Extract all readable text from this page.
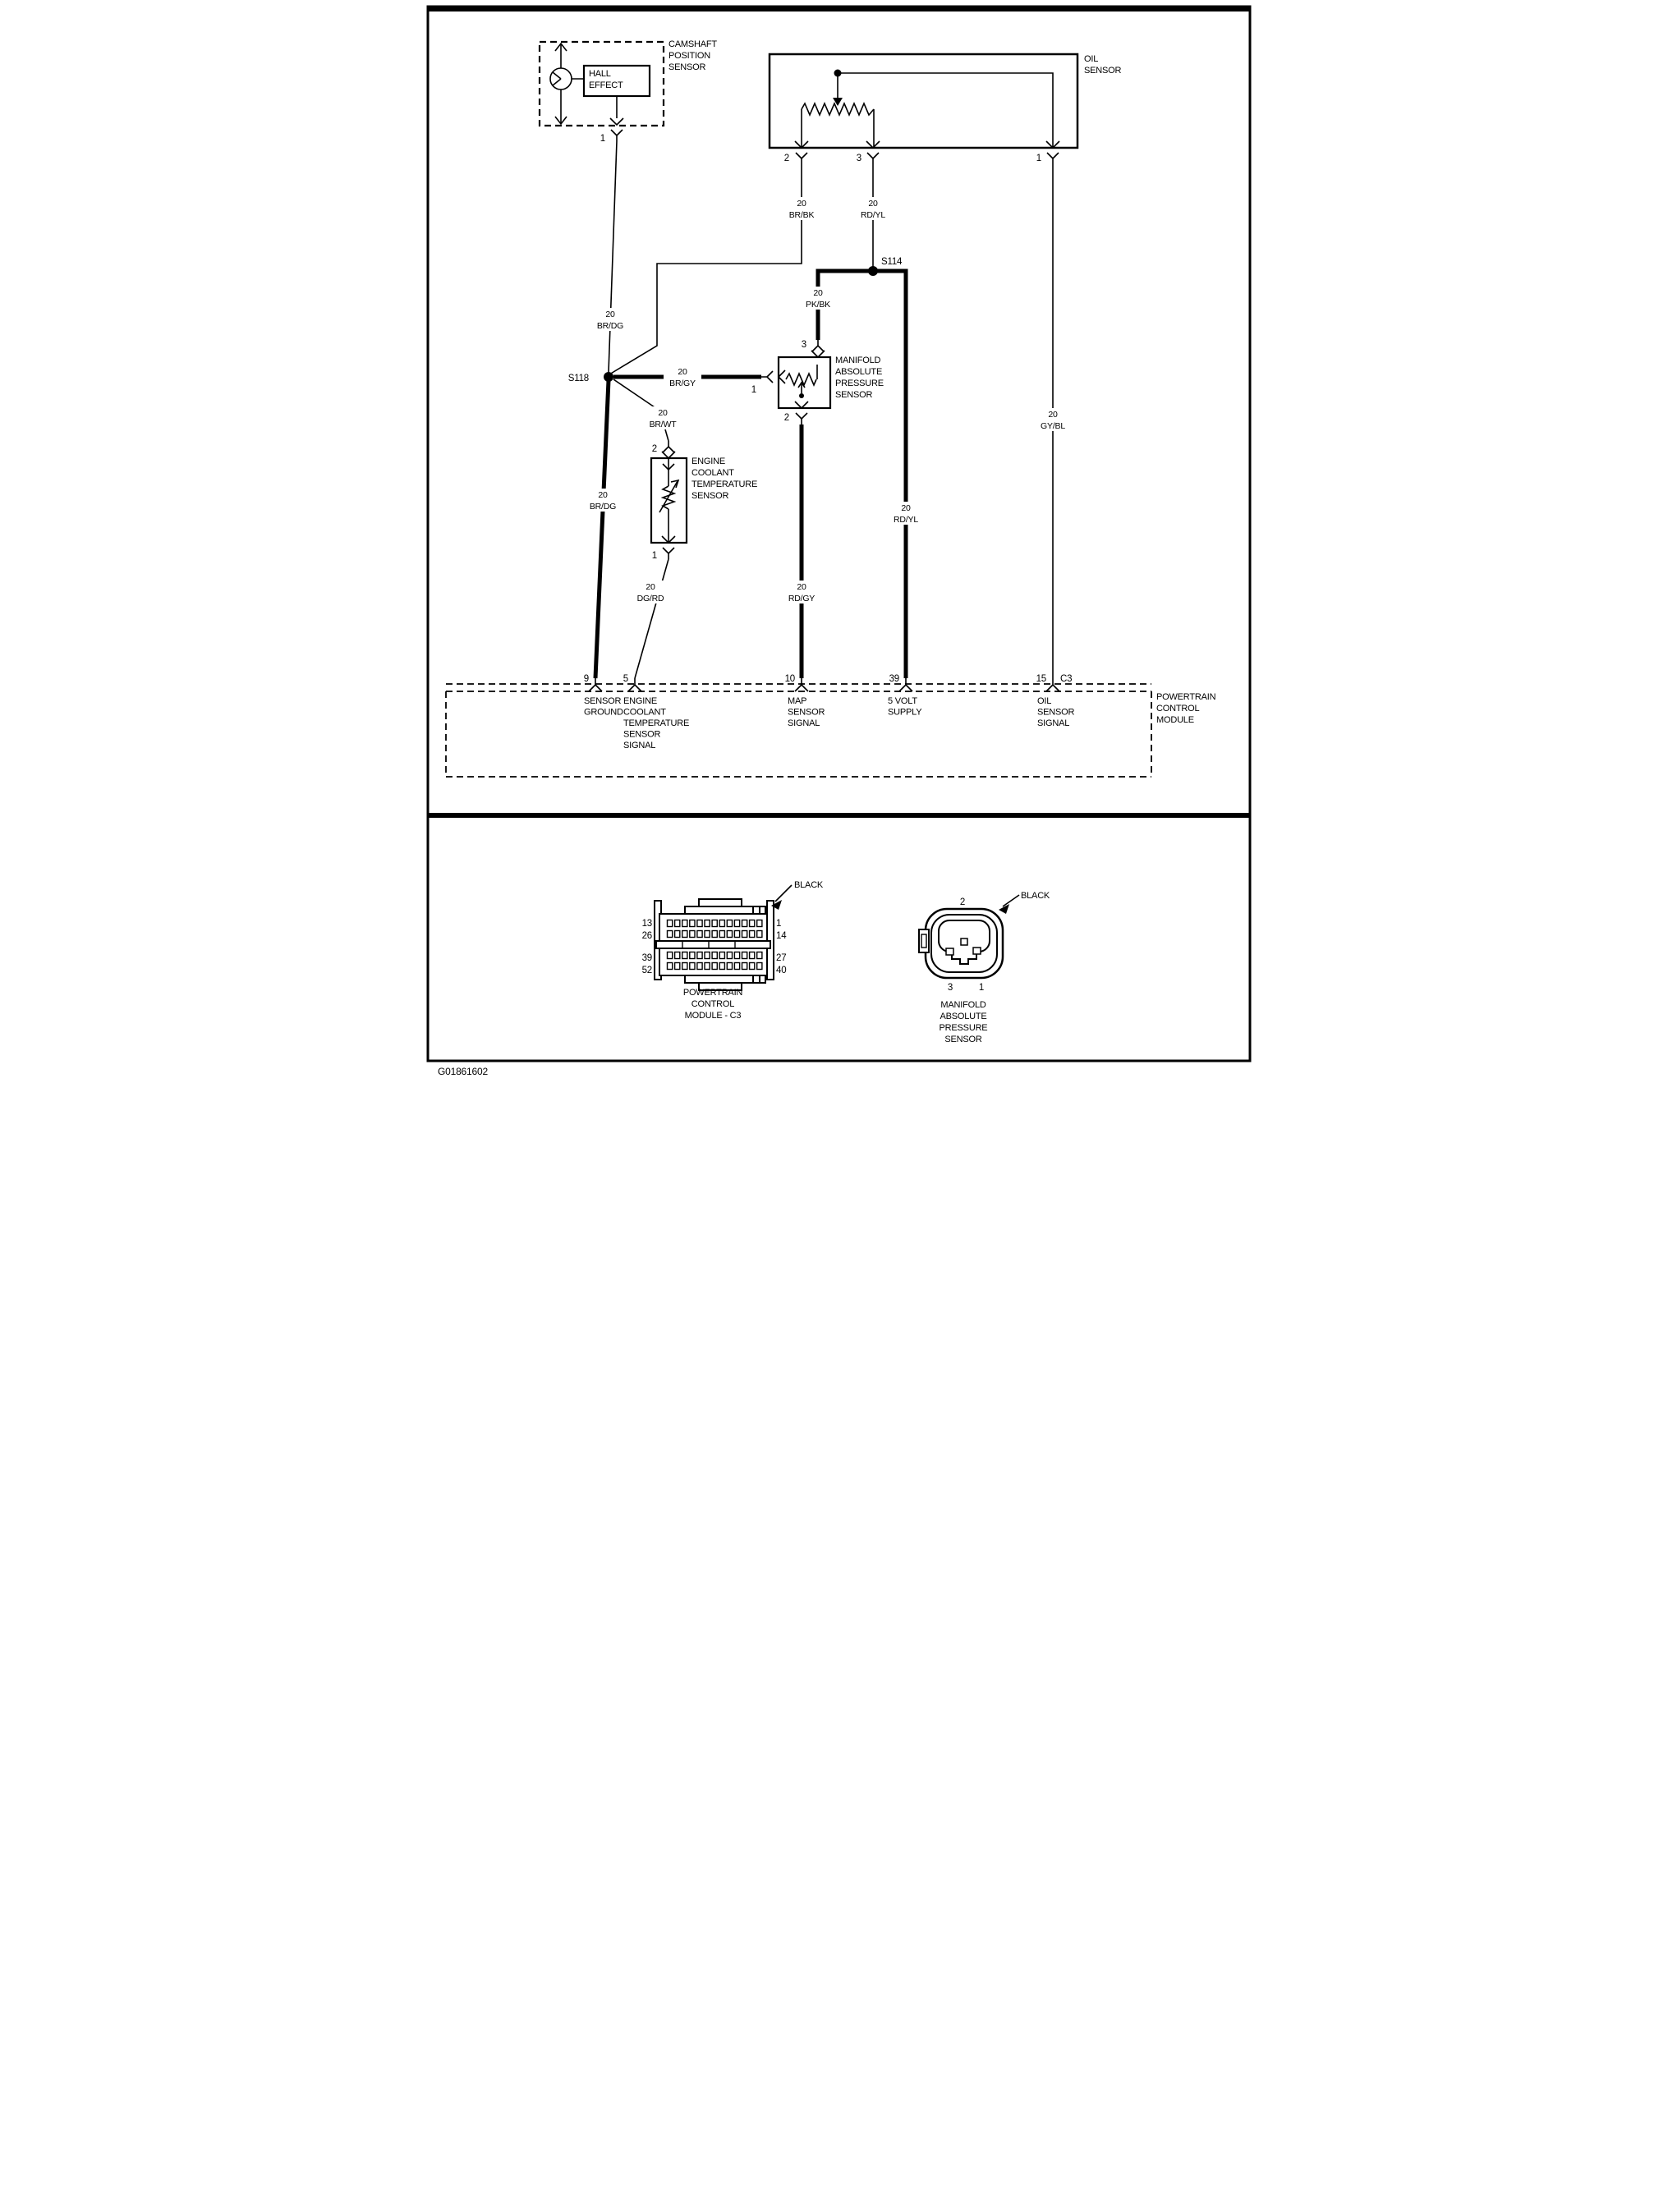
HALL
EFFECT
1
CAMSHAFT
POSITION
SENSOR
2	3	1
OIL
SENSOR
3
1
2
MANIFOLD
ABSOLUTE
PRESSURE
SENSOR
2
1
ENGINE
COOLANT
TEMPERATURE
SENSOR
S114
S118
20
BR/DG
20
BR/BK
20
RD/YL
20
PK/BK
20
BR/GY
20
BR/WT
20
BR/DG	20
RD/YL
20
GY/BL
20
DG/RD
20
RD/GY
9	5	10	39	15 C3
SENSOR
GROUND
ENGINE
COOLANT
TEMPERATURE
SENSOR
SIGNAL
MAP
SENSOR
SIGNAL
5 VOLT
SUPPLY
OIL
SENSOR
SIGNAL
POWERTRAIN
CONTROL
MODULE
13
26
39
52
1
14
27
40
BLACK
POWERTRAIN
CONTROL
MODULE - C3
2
BLACK
3	1
MANIFOLD
ABSOLUTE
PRESSURE
SENSOR
G01861602
